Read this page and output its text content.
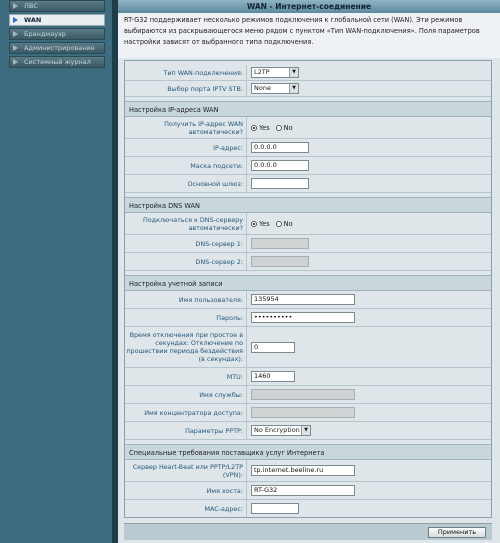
ЛВС
WAN
Брандмауэр
Администрирование
Системный журнал
WAN - Интернет-соединение
RT-G32 поддерживает несколько режимов подключения к глобальной сети (WAN). Эти режимов выбираются из раскрывающегося меню рядом с пунктом «Тип WAN-подключения». Поля параметров настройки зависят от выбранного типа подключения.
Тип WAN-подключения:	L2TP	▼
Выбор порта IPTV STB:	None	▼
Настройка IP-адреса WAN
Получить IP-адрес WAN автоматически?	Yes No
IP-адрес:	0.0.0.0
Маска подсети:	0.0.0.0
Основной шлюз:
Настройка DNS WAN
Подключаться к DNS-серверу автоматически?	Yes No
DNS-сервер 1:
DNS-сервер 2:
Настройка учетной записи
Имя пользователя:	135954
Пароль:	••••••••••
Время отключения при простое в секундах: Отключение по прошествии периода бездействия (в секундах):
0
MTU:	1460
Имя службы:
Имя концентратора доступа:
Параметры PPTP:	No Encryption ▼
Специальные требования поставщика услуг Интернета
Сервер Heart-Beat или PPTP/L2TP (VPN):
tp.internet.beeline.ru
Имя хоста:	RT-G32
MAC-адрес:
Применить
